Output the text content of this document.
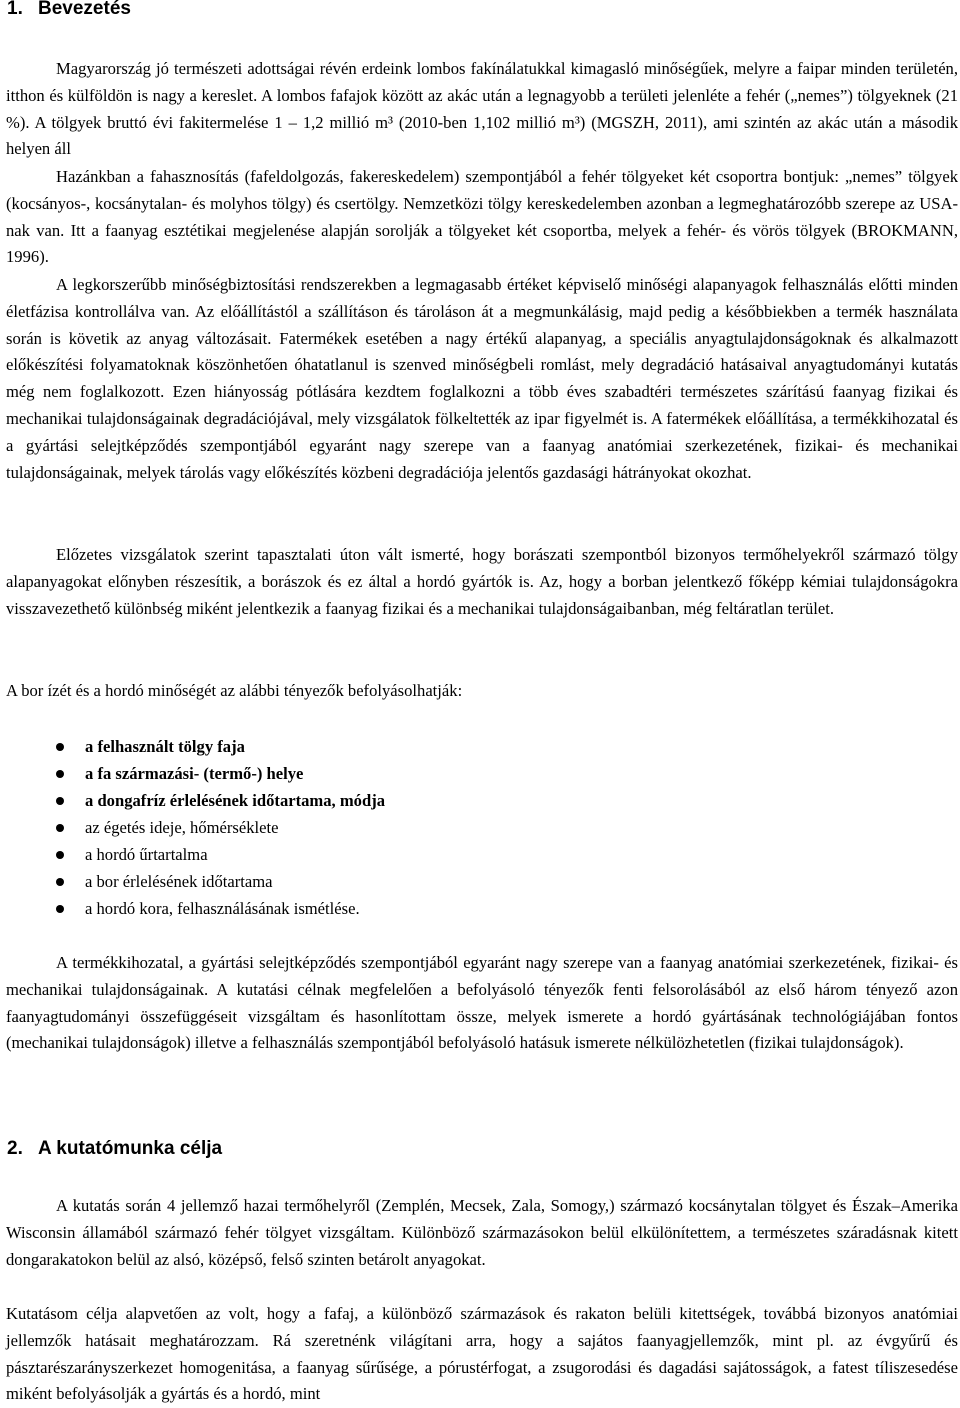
1. Bevezetés

Magyarország jó természeti adottságai révén erdeink lombos fakínálatukkal kimagasló minőségűek, melyre a faipar minden területén, itthon és külföldön is nagy a kereslet. A lombos fafajok között az akác után a legnagyobb a területi jelenléte a fehér („nemes”) tölgyeknek (21 %). A tölgyek bruttó évi fakitermelése 1 – 1,2 millió m³ (2010-ben 1,102 millió m³) (MGSZH, 2011), ami szintén az akác után a második helyen áll

Hazánkban a fahasznosítás (fafeldolgozás, fakereskedelem) szempontjából a fehér tölgyeket két csoportra bontjuk: „nemes” tölgyek (kocsányos-, kocsánytalan- és molyhos tölgy) és csertölgy. Nemzetközi tölgy kereskedelemben azonban a legmeghatározóbb szerepe az USA-nak van. Itt a faanyag esztétikai megjelenése alapján sorolják a tölgyeket két csoportba, melyek a fehér- és vörös tölgyek (BROKMANN, 1996).

A legkorszerűbb minőségbiztosítási rendszerekben a legmagasabb értéket képviselő minőségi alapanyagok felhasználás előtti minden életfázisa kontrollálva van. Az előállítástól a szállításon és tároláson át a megmunkálásig, majd pedig a későbbiekben a termék használata során is követik az anyag változásait. Fatermékek esetében a nagy értékű alapanyag, a speciális anyagtulajdonságoknak és alkalmazott előkészítési folyamatoknak köszönhetően óhatatlanul is szenved minőségbeli romlást, mely degradáció hatásaival anyagtudományi kutatás még nem foglalkozott. Ezen hiányosság pótlására kezdtem foglalkozni a több éves szabadtéri természetes szárítású faanyag fizikai és mechanikai tulajdonságainak degradációjával, mely vizsgálatok fölkeltették az ipar figyelmét is. A fatermékek előállítása, a termékkihozatal és a gyártási selejtképződés szempontjából egyaránt nagy szerepe van a faanyag anatómiai szerkezetének, fizikai- és mechanikai tulajdonságainak, melyek tárolás vagy előkészítés közbeni degradációja jelentős gazdasági hátrányokat okozhat.

Előzetes vizsgálatok szerint tapasztalati úton vált ismerté, hogy borászati szempontból bizonyos termőhelyekről származó tölgy alapanyagokat előnyben részesítik, a borászok és ez által a hordó gyártók is. Az, hogy a borban jelentkező főképp kémiai tulajdonságokra visszavezethető különbség miként jelentkezik a faanyag fizikai és a mechanikai tulajdonságaibanban, még feltáratlan terület.

A bor ízét és a hordó minőségét az alábbi tényezők befolyásolhatják:

a felhasznált tölgy faja
a fa származási- (termő-) helye
a dongafríz érlelésének időtartama, módja
az égetés ideje, hőmérséklete
a hordó űrtartalma
a bor érlelésének időtartama
a hordó kora, felhasználásának ismétlése.

A termékkihozatal, a gyártási selejtképződés szempontjából egyaránt nagy szerepe van a faanyag anatómiai szerkezetének, fizikai- és mechanikai tulajdonságainak. A kutatási célnak megfelelően a befolyásoló tényezők fenti felsorolásából az első három tényező azon faanyagtudományi összefüggéseit vizsgáltam és hasonlítottam össze, melyek ismerete a hordó gyártásának technológiájában fontos (mechanikai tulajdonságok) illetve a felhasználás szempontjából befolyásoló hatásuk ismerete nélkülözhetetlen (fizikai tulajdonságok).

2. A kutatómunka célja

A kutatás során 4 jellemző hazai termőhelyről (Zemplén, Mecsek, Zala, Somogy,) származó kocsánytalan tölgyet és Észak–Amerika Wisconsin államából származó fehér tölgyet vizsgáltam. Különböző származásokon belül elkülönítettem, a természetes száradásnak kitett dongarakatokon belül az alsó, középső, felső szinten betárolt anyagokat.

Kutatásom célja alapvetően az volt, hogy a fafaj, a különböző származások és rakaton belüli kitettségek, továbbá bizonyos anatómiai jellemzők hatásait meghatározzam. Rá szeretnénk világítani arra, hogy a sajátos faanyagjellemzők, mint pl. az évgyűrű és pásztarészarányszerkezet homogenitása, a faanyag sűrűsége, a pórustérfogat, a zsugorodási és dagadási sajátosságok, a fatest tíliszesedése miként befolyásolják a gyártás és a hordó, mint
